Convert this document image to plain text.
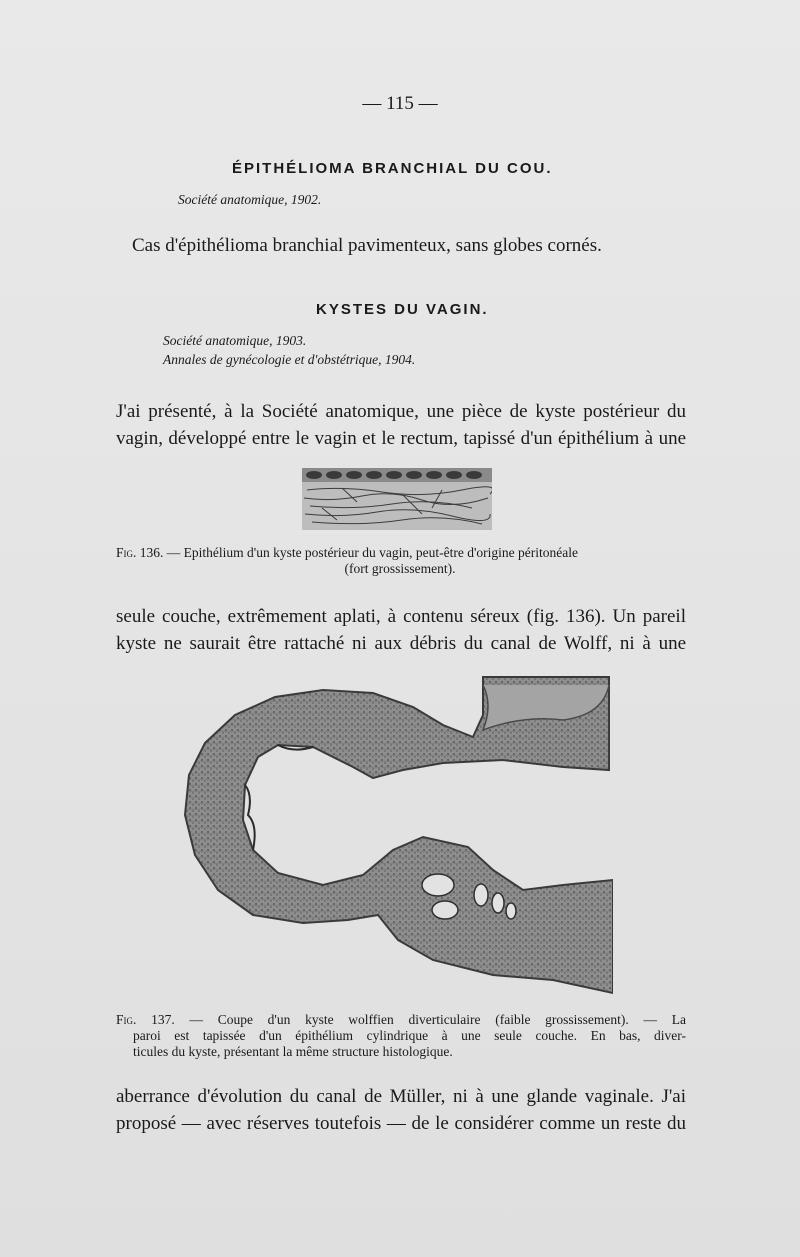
— 115 —
ÉPITHÉLIOMA BRANCHIAL DU COU.
Société anatomique, 1902.
Cas d'épithélioma branchial pavimenteux, sans globes cornés.
KYSTES DU VAGIN.
Société anatomique, 1903.
Annales de gynécologie et d'obstétrique, 1904.
J'ai présenté, à la Société anatomique, une pièce de kyste postérieur du
vagin, développé entre le vagin et le rectum, tapissé d'un épithélium à une
Fig. 136. — Epithélium d'un kyste postérieur du vagin, peut-être d'origine péritonéale
(fort grossissement).
seule couche, extrêmement aplati, à contenu séreux (fig. 136). Un pareil
kyste ne saurait être rattaché ni aux débris du canal de Wolff, ni à une
Fig. 137. — Coupe d'un kyste wolffien diverticulaire (faible grossissement). — La
paroi est tapissée d'un épithélium cylindrique à une seule couche. En bas, diver-
ticules du kyste, présentant la même structure histologique.
aberrance d'évolution du canal de Müller, ni à une glande vaginale. J'ai
proposé — avec réserves toutefois — de le considérer comme un reste du
